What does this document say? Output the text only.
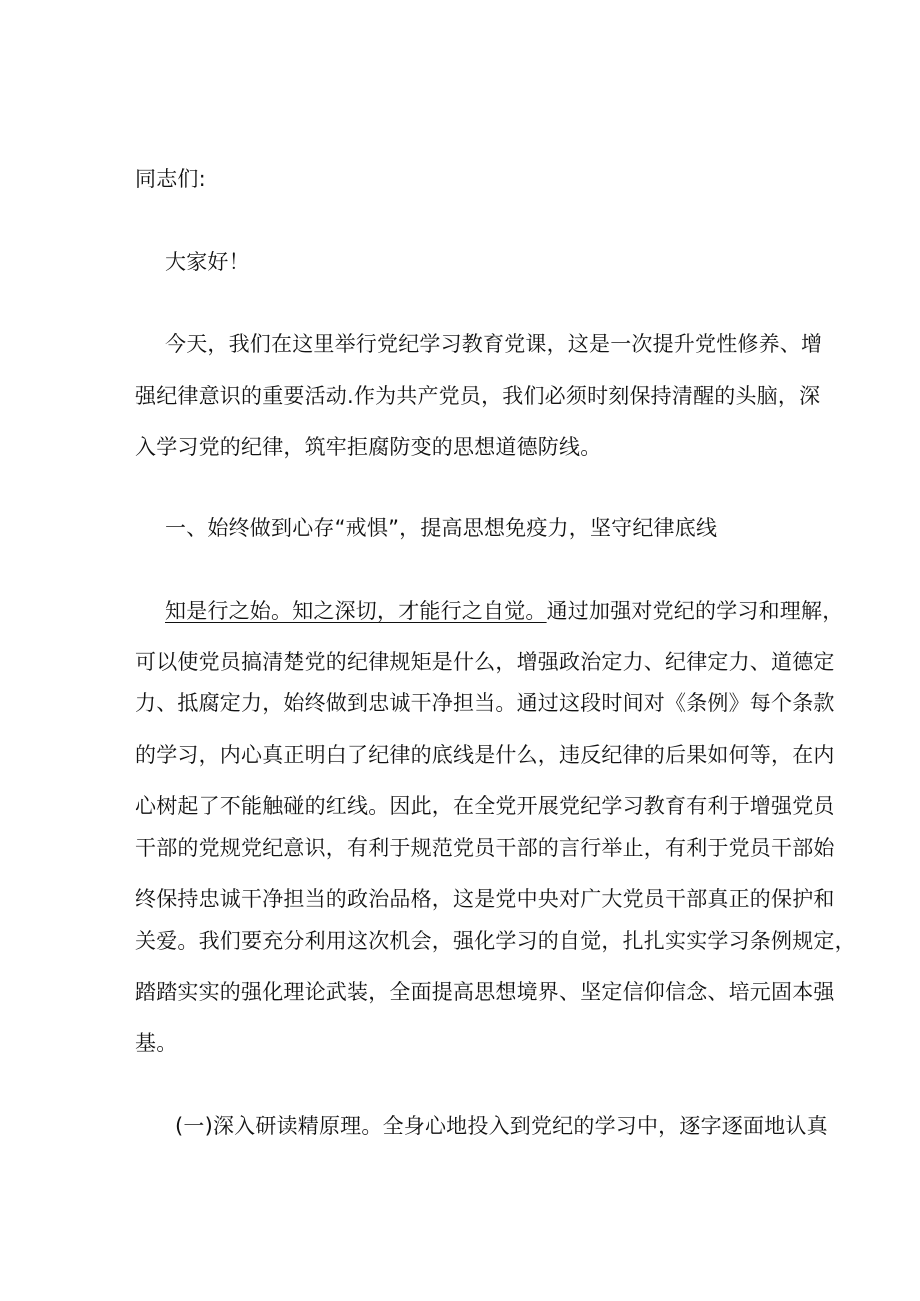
同志们:
大家好！
今天，我们在这里举行党纪学习教育党课，这是一次提升党性修养、增
强纪律意识的重要活动.作为共产党员，我们必须时刻保持清醒的头脑，深
入学习党的纪律，筑牢拒腐防变的思想道德防线。
一、始终做到心存“戒惧”，提高思想免疫力，坚守纪律底线
知是行之始。知之深切，才能行之自觉。通过加强对党纪的学习和理解，
可以使党员搞清楚党的纪律规矩是什么，增强政治定力、纪律定力、道德定
力、抵腐定力，始终做到忠诚干净担当。通过这段时间对《条例》每个条款
的学习，内心真正明白了纪律的底线是什么，违反纪律的后果如何等，在内
心树起了不能触碰的红线。因此，在全党开展党纪学习教育有利于增强党员
干部的党规党纪意识，有利于规范党员干部的言行举止，有利于党员干部始
终保持忠诚干净担当的政治品格，这是党中央对广大党员干部真正的保护和
关爱。我们要充分利用这次机会，强化学习的自觉，扎扎实实学习条例规定，
踏踏实实的强化理论武装，全面提高思想境界、坚定信仰信念、培元固本强
基。
(一)深入研读精原理。全身心地投入到党纪的学习中，逐字逐面地认真
